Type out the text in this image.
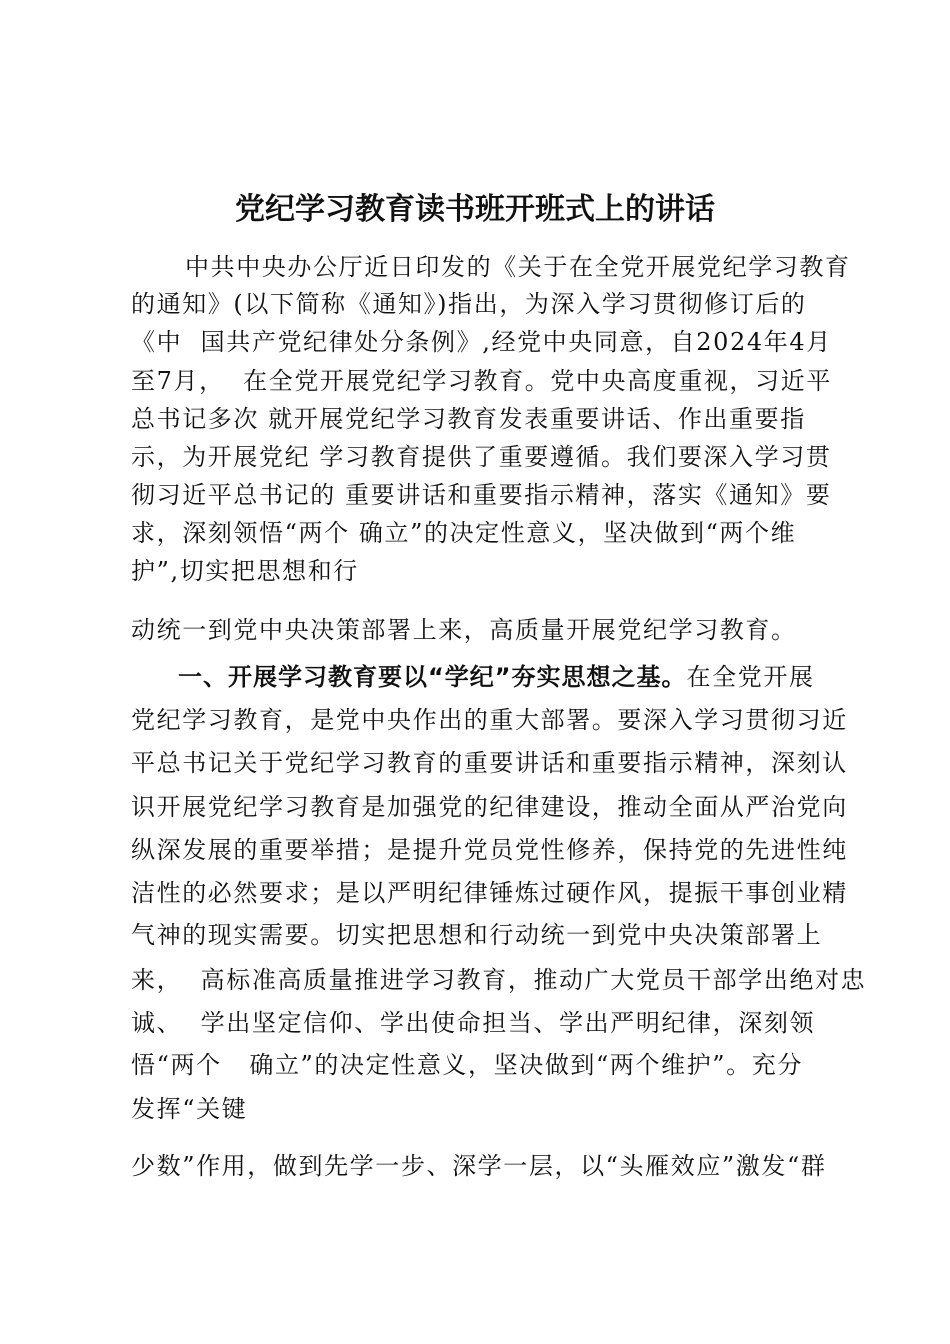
党纪学习教育读书班开班式上的讲话
中共中央办公厅近日印发的《关于在全党开展党纪学习教育
的通知》(以下简称《通知》)指出，为深入学习贯彻修订后的
《中  国共产党纪律处分条例》,经党中央同意，自2024年4月
至7月，  在全党开展党纪学习教育。党中央高度重视，习近平
总书记多次 就开展党纪学习教育发表重要讲话、作出重要指
示，为开展党纪 学习教育提供了重要遵循。我们要深入学习贯
彻习近平总书记的 重要讲话和重要指示精神，落实《通知》要
求，深刻领悟“两个 确立”的决定性意义，坚决做到“两个维
护”,切实把思想和行
动统一到党中央决策部署上来，高质量开展党纪学习教育。
一、开展学习教育要以“学纪”夯实思想之基。在全党开展
党纪学习教育，是党中央作出的重大部署。要深入学习贯彻习近
平总书记关于党纪学习教育的重要讲话和重要指示精神，深刻认
识开展党纪学习教育是加强党的纪律建设，推动全面从严治党向
纵深发展的重要举措；是提升党员党性修养，保持党的先进性纯
洁性的必然要求；是以严明纪律锤炼过硬作风，提振干事创业精
气神的现实需要。切实把思想和行动统一到党中央决策部署上
来，  高标准高质量推进学习教育，推动广大党员干部学出绝对忠
诚、  学出坚定信仰、学出使命担当、学出严明纪律，深刻领
悟“两个   确立”的决定性意义，坚决做到“两个维护”。充分
发挥“关键
少数”作用，做到先学一步、深学一层，以“头雁效应”激发“群
